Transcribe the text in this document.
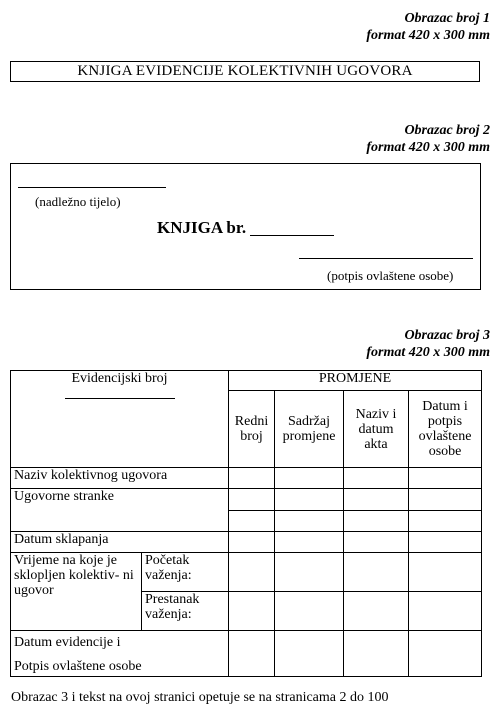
Obrazac broj 1
format 420 x 300 mm
KNJIGA EVIDENCIJE KOLEKTIVNIH UGOVORA
Obrazac broj 2
format 420 x 300 mm
(nadležno tijelo)
KNJIGA br.
(potpis ovlaštene osobe)
Obrazac broj 3
format 420 x 300 mm
Evidencijski broj		PROMJENE			
		Redni broj	Sadržaj promjene	Naziv i datum akta	Datum i potpis ovlaštene osobe
Naziv kolektivnog ugovora					
Ugovorne stranke					

Datum sklapanja					
Vrijeme na koje je sklopljen kolektiv- ni ugovor	Početak važenja:				
	Prestanak važenja:				

Datum evidencije i
Potpis ovlaštene osobe					

Obrazac 3 i tekst na ovoj stranici opetuje se na stranicama 2 do 100
